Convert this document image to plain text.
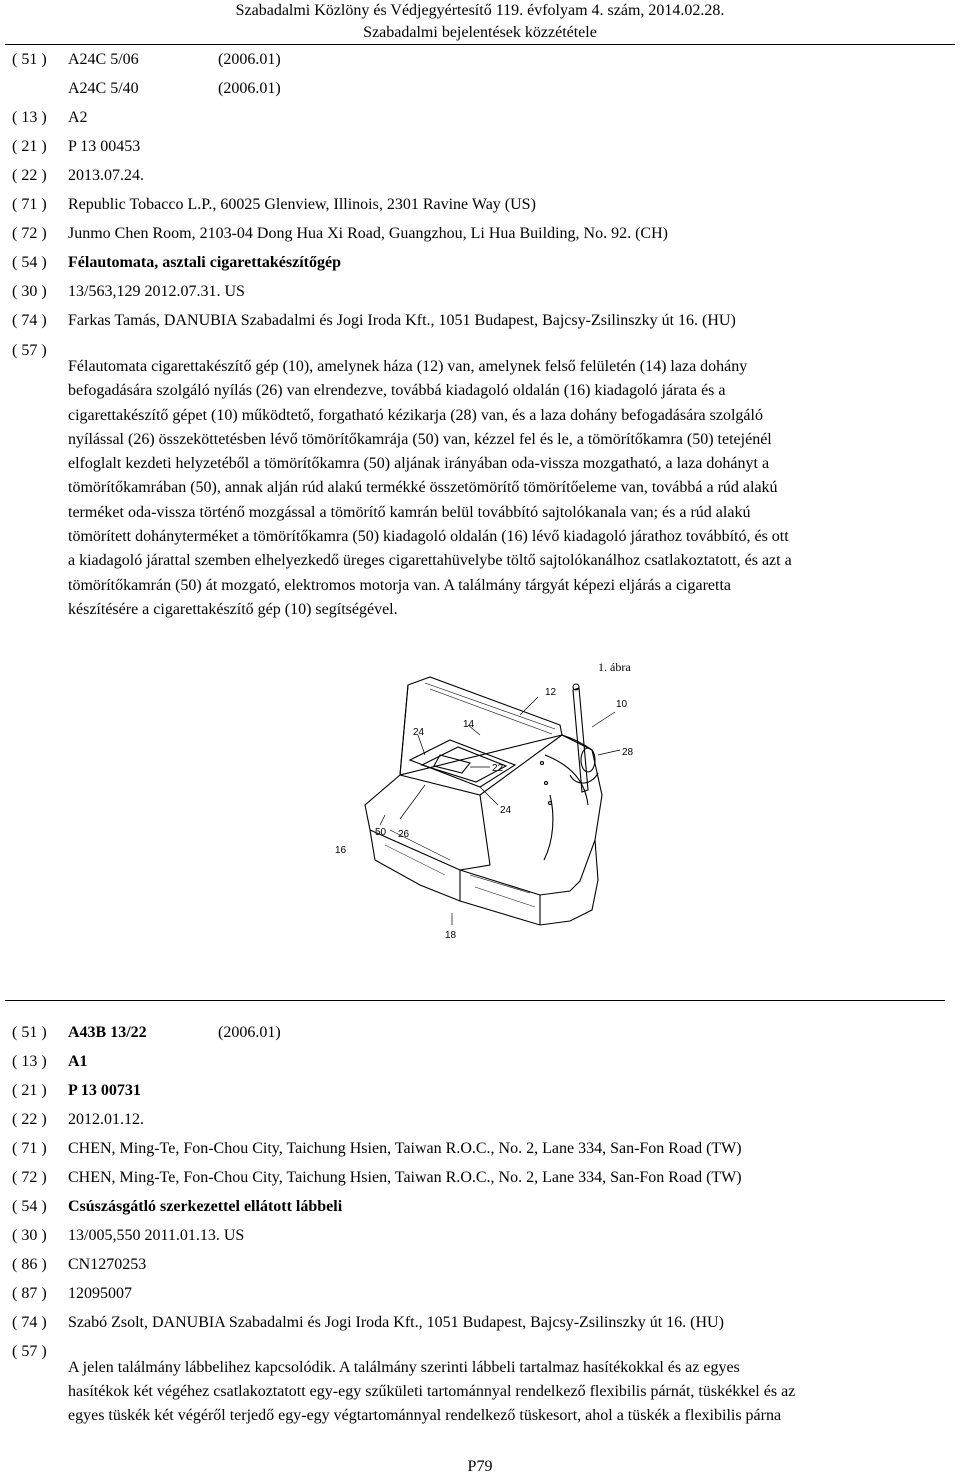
Szabadalmi Közlöny és Védjegyértesítő 119. évfolyam 4. szám, 2014.02.28.
Szabadalmi bejelentések közzététele
( 51 )	A24C 5/06	(2006.01)
A24C 5/40	(2006.01)
( 13 )	A2
( 21 )	P 13 00453
( 22 )	2013.07.24.
( 71 )	Republic Tobacco L.P., 60025 Glenview, Illinois, 2301 Ravine Way (US)
( 72 )	Junmo Chen Room, 2103-04 Dong Hua Xi Road, Guangzhou, Li Hua Building, No. 92. (CH)
( 54 )	Félautomata, asztali cigarettakészítőgép
( 30 )	13/563,129 2012.07.31. US
( 74 )	Farkas Tamás, DANUBIA Szabadalmi és Jogi Iroda Kft., 1051 Budapest, Bajcsy-Zsilinszky út 16. (HU)
( 57 )
Félautomata cigarettakészítő gép (10), amelynek háza (12) van, amelynek felső felületén (14) laza dohány
befogadására szolgáló nyílás (26) van elrendezve, továbbá kiadagoló oldalán (16) kiadagoló járata és a
cigarettakészítő gépet (10) működtető, forgatható kézikarja (28) van, és a laza dohány befogadására szolgáló
nyílással (26) összeköttetésben lévő tömörítőkamrája (50) van, kézzel fel és le, a tömörítőkamra (50) tetejénél
elfoglalt kezdeti helyzetéből a tömörítőkamra (50) aljának irányában oda-vissza mozgatható, a laza dohányt a
tömörítőkamrában (50), annak alján rúd alakú termékké összetömörítő tömörítőeleme van, továbbá a rúd alakú
terméket oda-vissza történő mozgással a tömörítő kamrán belül továbbító sajtolókanala van; és a rúd alakú
tömörített dohányterméket a tömörítőkamra (50) kiadagoló oldalán (16) lévő kiadagoló járathoz továbbító, és ott
a kiadagoló járattal szemben elhelyezkedő üreges cigarettahüvelybe töltő sajtolókanálhoz csatlakoztatott, és azt a
tömörítőkamrán (50) át mozgató, elektromos motorja van. A találmány tárgyát képezi eljárás a cigaretta
készítésére a cigarettakészítő gép (10) segítségével.
1. ábra
12
10
14
24
28
22
24
50 26
16
18
( 51 )	A43B 13/22	(2006.01)
( 13 )	A1
( 21 )	P 13 00731
( 22 )	2012.01.12.
( 71 )	CHEN, Ming-Te, Fon-Chou City, Taichung Hsien, Taiwan R.O.C., No. 2, Lane 334, San-Fon Road (TW)
( 72 )	CHEN, Ming-Te, Fon-Chou City, Taichung Hsien, Taiwan R.O.C., No. 2, Lane 334, San-Fon Road (TW)
( 54 )	Csúszásgátló szerkezettel ellátott lábbeli
( 30 )	13/005,550 2011.01.13. US
( 86 )	CN1270253
( 87 )	12095007
( 74 )	Szabó Zsolt, DANUBIA Szabadalmi és Jogi Iroda Kft., 1051 Budapest, Bajcsy-Zsilinszky út 16. (HU)
( 57 )
A jelen találmány lábbelihez kapcsolódik. A találmány szerinti lábbeli tartalmaz hasítékokkal és az egyes
hasítékok két végéhez csatlakoztatott egy-egy szűkületi tartománnyal rendelkező flexibilis párnát, tüskékkel és az
egyes tüskék két végéről terjedő egy-egy végtartománnyal rendelkező tüskesort, ahol a tüskék a flexibilis párna
P79
